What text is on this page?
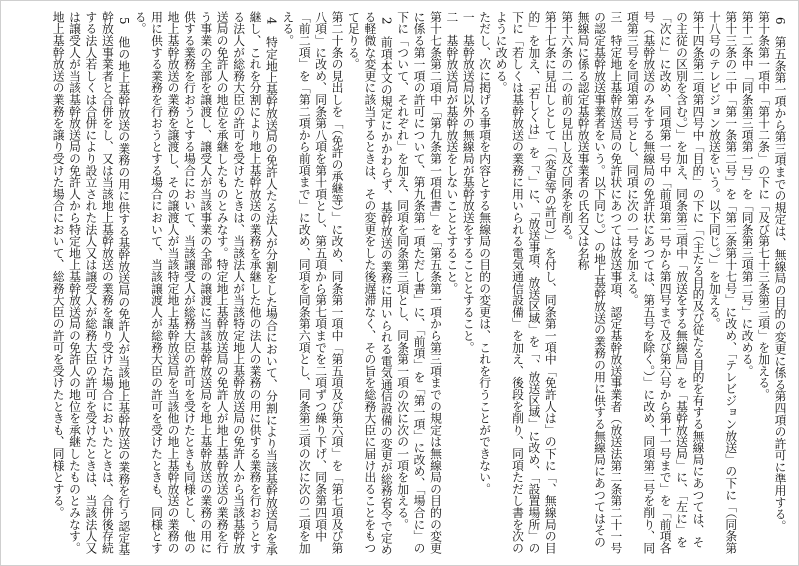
6　第五条第一項から第三項までの規定は、無線局の目的の変更に係る第四項の許可に準用する。

第十条第一項中「第十二条」の下に「及び第七十三条第三項」を加える。

第十二条中「同条第三項第一号」を「同条第三項第二号」に改める。

第十三条の二中「第一条第二号」を「第二条第十七号」に改め、「テレビジョン放送」の下に「（同条第十八号のテレビジョン放送をいう。以下同じ。）」を加える。

第十四条第二項第四号中「目的」の下に「（主たる目的及び従たる目的を有する無線局にあつては、その主従の区別を含む。）」を加え、同条第三項中「放送をする無線局」を「基幹放送局」に、「左に」を「次に」に改め、同項第一号中「前項第一号から第四号まで及び第六号から第十一号まで」を「前項各号（基幹放送のみをする無線局の免許状にあつては、第五号を除く。）」に改め、同項第二号を削り、同項第三号を同項第二号とし、同項に次の一号を加える。

三　特定地上基幹放送局の免許状にあつては放送事項、認定基幹放送事業者（放送法第二条第二十一号の認定基幹放送事業者をいう。以下同じ。）の地上基幹放送の業務の用に供する無線局にあつてはその無線局に係る認定基幹放送事業者の氏名又は名称

第十六条の二の前の見出し及び同条を削る。

第十七条に見出しとして「（変更等の許可）」を付し、同条第一項中「免許人は」の下に「、無線局の目的」を加え、「若しくは」を「、」に、「放送事項、放送区域」を「、放送区域」に改め、「設置場所」の下に「若しくは基幹放送の業務に用いられる電気通信設備」を加え、後段を削り、同項ただし書を次のように改める。

ただし、次に掲げる事項を内容とする無線局の目的の変更は、これを行うことができない。

一　基幹放送局以外の無線局が基幹放送をすることとすること。

二　基幹放送局が基幹放送をしないこととすること。

第十七条第二項中「第九条第一項但書」を「第五条第一項から第三項までの規定は無線局の目的の変更に係る第一項の許可について、第九条第一項ただし書」に、「前項」を「第一項」に改め、「場合に」の下に「ついて、それぞれ」を加え、同項を同条第三項とし、同条第一項の次に次の一項を加える。

2　前項本文の規定にかかわらず、基幹放送の業務に用いられる電気通信設備の変更が総務省令で定める軽微な変更に該当するときは、その変更をした後遅滞なく、その旨を総務大臣に届け出ることをもつて足りる。

第二十条の見出しを「（免許の承継等）」に改め、同条第一項中「第五項及び第六項」を「第七項及び第八項」に改め、同条第八項を第十項とし、第五項から第七項までを二項ずつ繰り下げ、同条第四項中「前二項」を「第二項から前項まで」に改め、同項を同条第六項とし、同条第三項の次に次の二項を加える。

4　特定地上基幹放送局の免許人たる法人が分割をした場合において、分割により当該基幹放送局を承継し、これを分割により地上基幹放送の業務を承継した他の法人の業務の用に供する業務を行おうとする法人が総務大臣の許可を受けたときは、当該法人が当該特定地上基幹放送局の免許人から当該基幹放送局の免許人の地位を承継したものとみなす。特定地上基幹放送局の免許人が地上基幹放送の業務を行う事業の全部を譲渡し、譲受人が当該事業の全部の譲渡に当該基幹放送局を地上基幹放送の業務の用に供する業務を行おうとする場合において、当該譲受人が総務大臣の許可を受けたときも同様とし、他の地上基幹放送の業務を譲渡し、その譲渡人が当該特定地上基幹放送局を当該他の地上基幹放送の業務の用に供する業務を行おうとする場合において、当該譲渡人が総務大臣の許可を受けたときも、同様とする。

5　他の地上基幹放送の業務の用に供する基幹放送局の免許人が当該地上基幹放送の業務を行う認定基幹放送事業者と合併をし、又は当該地上基幹放送の業務を譲り受けた場合においたときは、合併後存続する法人若しくは合併により設立された法人又は譲受人が総務大臣の許可を受けたときは、当該法人又は譲受人が当該基幹放送局の免許人から特定地上基幹放送局の免許人の地位を承継したものとみなす。地上基幹放送の業務を譲り受けた場合において、総務大臣の許可を受けたときも、同様とする。
